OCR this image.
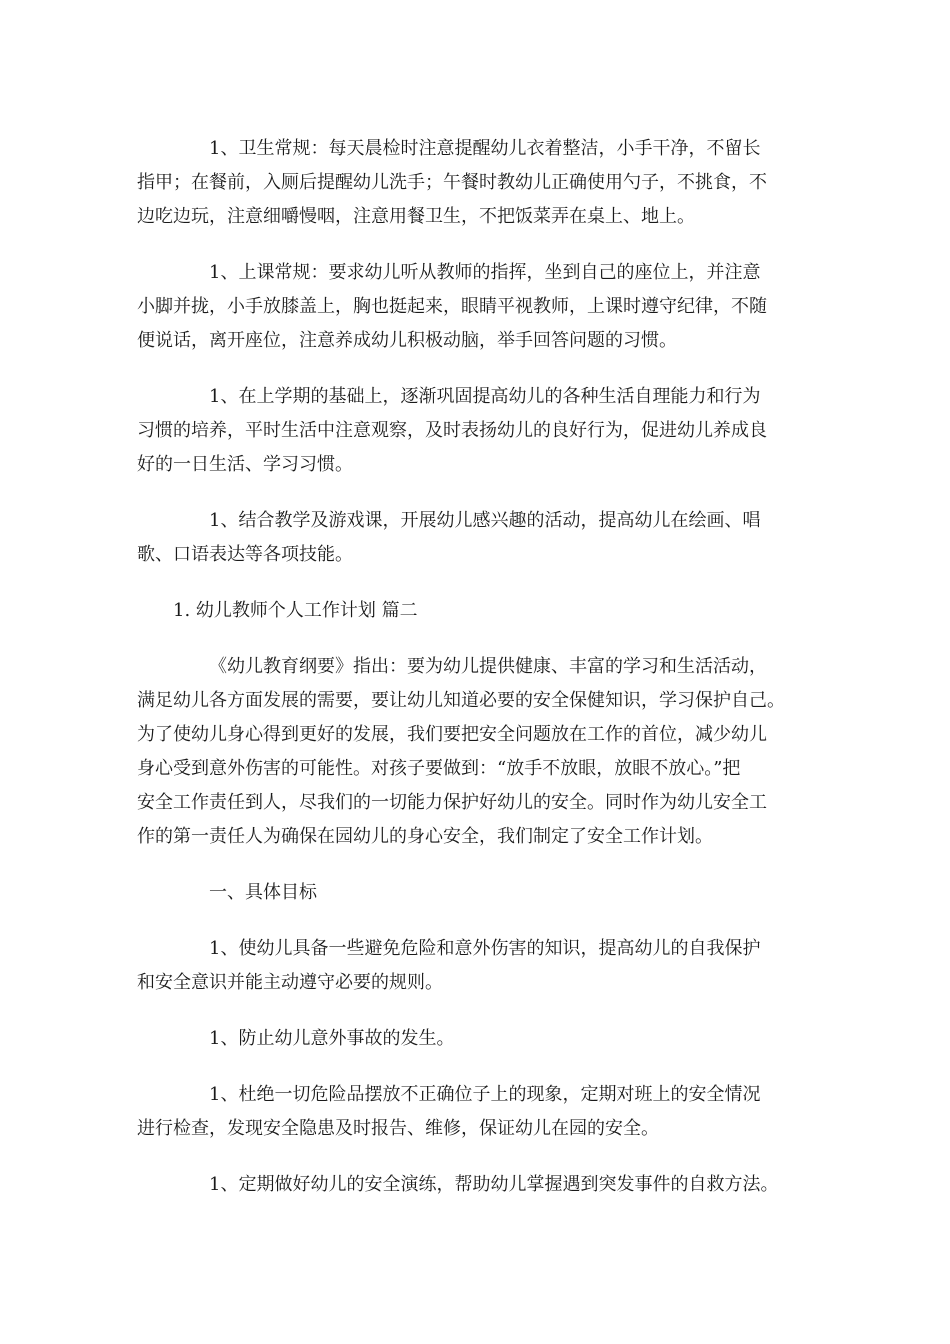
1、卫生常规：每天晨检时注意提醒幼儿衣着整洁，小手干净，不留长
指甲；在餐前，入厕后提醒幼儿洗手；午餐时教幼儿正确使用勺子，不挑食，不
边吃边玩，注意细嚼慢咽，注意用餐卫生，不把饭菜弄在桌上、地上。

1、上课常规：要求幼儿听从教师的指挥，坐到自己的座位上，并注意
小脚并拢，小手放膝盖上，胸也挺起来，眼睛平视教师，上课时遵守纪律，不随
便说话，离开座位，注意养成幼儿积极动脑，举手回答问题的习惯。

1、在上学期的基础上，逐渐巩固提高幼儿的各种生活自理能力和行为
习惯的培养，平时生活中注意观察，及时表扬幼儿的良好行为，促进幼儿养成良
好的一日生活、学习习惯。

1、结合教学及游戏课，开展幼儿感兴趣的活动，提高幼儿在绘画、唱
歌、口语表达等各项技能。

1. 幼儿教师个人工作计划 篇二

《幼儿教育纲要》指出：要为幼儿提供健康、丰富的学习和生活活动，
满足幼儿各方面发展的需要，要让幼儿知道必要的安全保健知识，学习保护自己。
为了使幼儿身心得到更好的发展，我们要把安全问题放在工作的首位，减少幼儿
身心受到意外伤害的可能性。对孩子要做到：“放手不放眼，放眼不放心。”把
安全工作责任到人，尽我们的一切能力保护好幼儿的安全。同时作为幼儿安全工
作的第一责任人为确保在园幼儿的身心安全，我们制定了安全工作计划。

一、具体目标

1、使幼儿具备一些避免危险和意外伤害的知识，提高幼儿的自我保护
和安全意识并能主动遵守必要的规则。

1、防止幼儿意外事故的发生。

1、杜绝一切危险品摆放不正确位子上的现象，定期对班上的安全情况
进行检查，发现安全隐患及时报告、维修，保证幼儿在园的安全。

1、定期做好幼儿的安全演练，帮助幼儿掌握遇到突发事件的自救方法。
